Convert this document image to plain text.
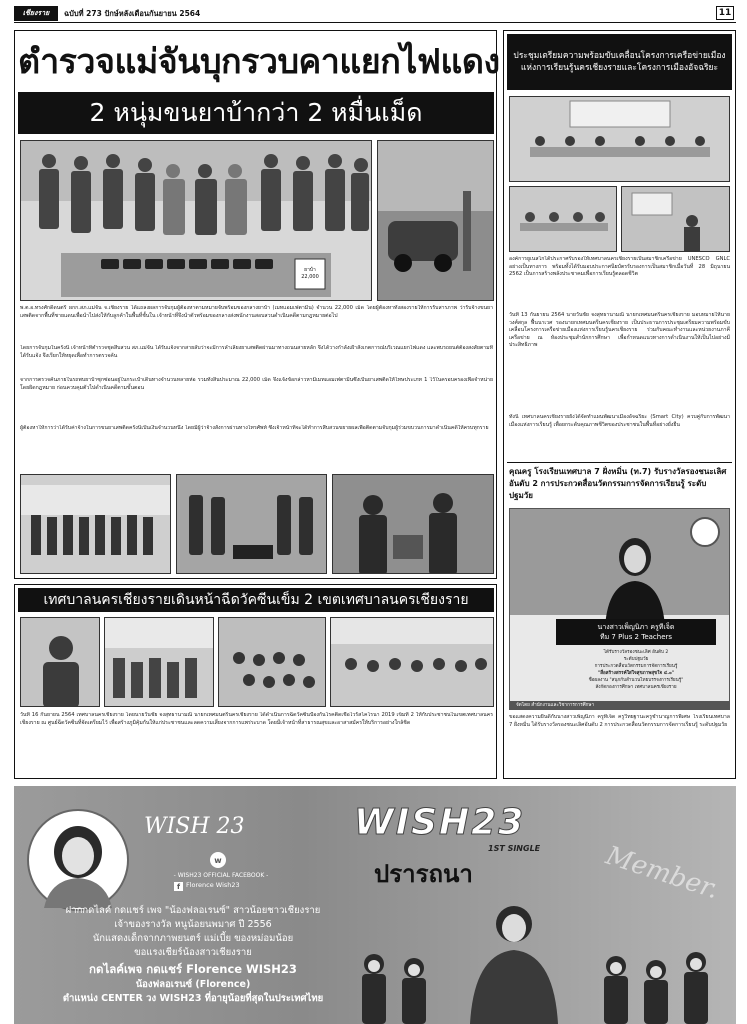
เชียงราย	ฉบับที่ 273 ปักษ์หลังเดือนกันยายน 2564	11
ตำรวจแม่จันบุกรวบคาแยกไฟแดง
2 หนุ่มขนยาบ้ากว่า 2 หมื่นเม็ด
ยาบ้า 22,000
พ.ต.อ.ทรงศักดิ์ดนตรี ผกก.สภ.แม่จัน จ.เชียงราย ได้แถลงผลการจับกุมผู้ต้องหาตามหมายจับพร้อมของกลางยาบ้า (เมทแอมเฟตามีน) จำนวน 22,000 เม็ด โดยผู้ต้องหาทั้งสองรายให้การรับสารภาพ ว่ารับจ้างขนยาเสพติดจากพื้นที่ชายแดนเพื่อนำไปส่งให้กับลูกค้าในพื้นที่ชั้นใน เจ้าหน้าที่จึงนำตัวพร้อมของกลางส่งพนักงานสอบสวนดำเนินคดีตามกฎหมายต่อไป
โดยการจับกุมในครั้งนี้ เจ้าหน้าที่ตำรวจชุดสืบสวน สภ.แม่จัน ได้รับแจ้งจากสายลับว่าจะมีการลำเลียงยาเสพติดผ่านมาทางถนนสายหลัก จึงได้วางกำลังเฝ้าสังเกตการณ์บริเวณแยกไฟแดง และพบรถยนต์ต้องสงสัยตามที่ได้รับแจ้ง จึงเรียกให้หยุดเพื่อทำการตรวจค้น
จากการตรวจค้นภายในรถพบยาบ้าซุกซ่อนอยู่ในกระเป๋าเดินทางจำนวนหลายห่อ รวมทั้งสิ้นประมาณ 22,000 เม็ด จึงแจ้งข้อกล่าวหามีเมทแอมเฟตามีนซึ่งเป็นยาเสพติดให้โทษประเภท 1 ไว้ในครอบครองเพื่อจำหน่ายโดยผิดกฎหมาย ก่อนควบคุมตัวไปดำเนินคดีตามขั้นตอน
ผู้ต้องหาให้การว่าได้รับค่าจ้างในการขนยาเสพติดครั้งนี้เป็นเงินจำนวนหนึ่ง โดยมีผู้ว่าจ้างสั่งการผ่านทางโทรศัพท์ ซึ่งเจ้าหน้าที่จะได้ทำการสืบสวนขยายผลเพื่อติดตามจับกุมผู้ร่วมขบวนการมาดำเนินคดีให้ครบทุกราย
เทศบาลนครเชียงรายเดินหน้าฉีดวัคซีนเข็ม 2 เขตเทศบาลนครเชียงราย
วันที่ 16 กันยายน 2564 เทศบาลนครเชียงราย โดยนายวันชัย จงสุทธานามณี นายกเทศมนตรีนครเชียงราย ได้ดำเนินการฉีดวัคซีนป้องกันโรคติดเชื้อไวรัสโคโรนา 2019 เข็มที่ 2 ให้กับประชาชนในเขตเทศบาลนครเชียงราย ณ ศูนย์ฉีดวัคซีนที่จัดเตรียมไว้ เพื่อสร้างภูมิคุ้มกันให้แก่ประชาชนและลดความเสี่ยงจากการแพร่ระบาด โดยมีเจ้าหน้าที่สาธารณสุขและอาสาสมัครให้บริการอย่างใกล้ชิด
ประชุมเตรียมความพร้อมขับเคลื่อนโครงการเครือข่ายเมืองแห่งการเรียนรู้นครเชียงรายและโครงการเมืองอัจฉริยะ
องค์การยูเนสโกได้ประกาศรับรองให้เทศบาลนครเชียงรายเป็นสมาชิกเครือข่าย UNESCO GNLC อย่างเป็นทางการ พร้อมทั้งได้รับมอบประกาศนียบัตรรับรองการเป็นสมาชิกเมื่อวันที่ 28 มิถุนายน 2562 เป็นการสร้างพลังประชาคมเพื่อการเรียนรู้ตลอดชีวิต
วันที่ 13 กันยายน 2564 นายวันชัย จงสุทธานามณี นายกเทศมนตรีนครเชียงราย มอบหมายให้นายวงศ์สกุล ฟื้นนาเวศ รองนายกเทศมนตรีนครเชียงราย เป็นประธานการประชุมเตรียมความพร้อมขับเคลื่อนโครงการเครือข่ายเมืองแห่งการเรียนรู้นครเชียงราย ร่วมกับคณะทำงานและหน่วยงานภาคีเครือข่าย ณ ห้องประชุมสำนักการศึกษา เพื่อกำหนดแนวทางการดำเนินงานให้เป็นไปอย่างมีประสิทธิภาพ
ทั้งนี้ เทศบาลนครเชียงรายยังได้จัดทำแผนพัฒนาเมืองอัจฉริยะ (Smart City) ควบคู่กับการพัฒนาเมืองแห่งการเรียนรู้ เพื่อยกระดับคุณภาพชีวิตของประชาชนในพื้นที่อย่างยั่งยืน
คุณครู โรงเรียนเทศบาล 7 ฝั่งหมิ่น (ท.7) รับรางวัลรองชนะเลิศอันดับ 2 การประกวดสื่อนวัตกรรมการจัดการเรียนรู้ ระดับปฐมวัย
นางสาวเพ็ญนิภา ครูทีเจ็ด
ทีม 7 Plus 2 Teachers
ได้รับรางวัลรองชนะเลิศ อันดับ 2
ระดับปฐมวัย
การประกวดสื่อนวัตกรรมการจัดการเรียนรู้
"สื่อสร้างสรรค์ใส่ใจสุขภาพสุขใจ ๔.๐"
ชื่อผลงาน "สนุกกับสำนวนไทยบรรจงการเรียนรู้"
สังกัดกองการศึกษา เทศบาลนครเชียงราย
จัดโดย สำนักงานและวิชาการการศึกษา
ขอแสดงความยินดีกับนางสาวเพ็ญนิภา ครูทีเจ็ด ครูวิทยฐานะครูชำนาญการพิเศษ โรงเรียนเทศบาล 7 ฝั่งหมิ่น ได้รับรางวัลรองชนะเลิศอันดับ 2 การประกวดสื่อนวัตกรรมการจัดการเรียนรู้ ระดับปฐมวัย
WISH 23
w
- WISH23 OFFICIAL FACEBOOK -
f Florence Wish23
WISH23
1ST SINGLE
ปรารถนา	Member.
ฝากกดไลค์ กดแชร์ เพจ "น้องฟลอเรนซ์" สาวน้อยชาวเชียงราย
เจ้าของรางวัล หนูน้อยนพมาศ ปี 2556
นักแสดงเด็กจากภาพยนตร์ แม่เบี้ย ของหม่อมน้อย
ขอแรงเชียร์น้องสาวเชียงราย
กดไลค์เพจ กดแชร์ Florence WISH23
น้องฟลอเรนซ์ (Florence)
ตำแหน่ง CENTER วง WISH23 ที่อายุน้อยที่สุดในประเทศไทย
